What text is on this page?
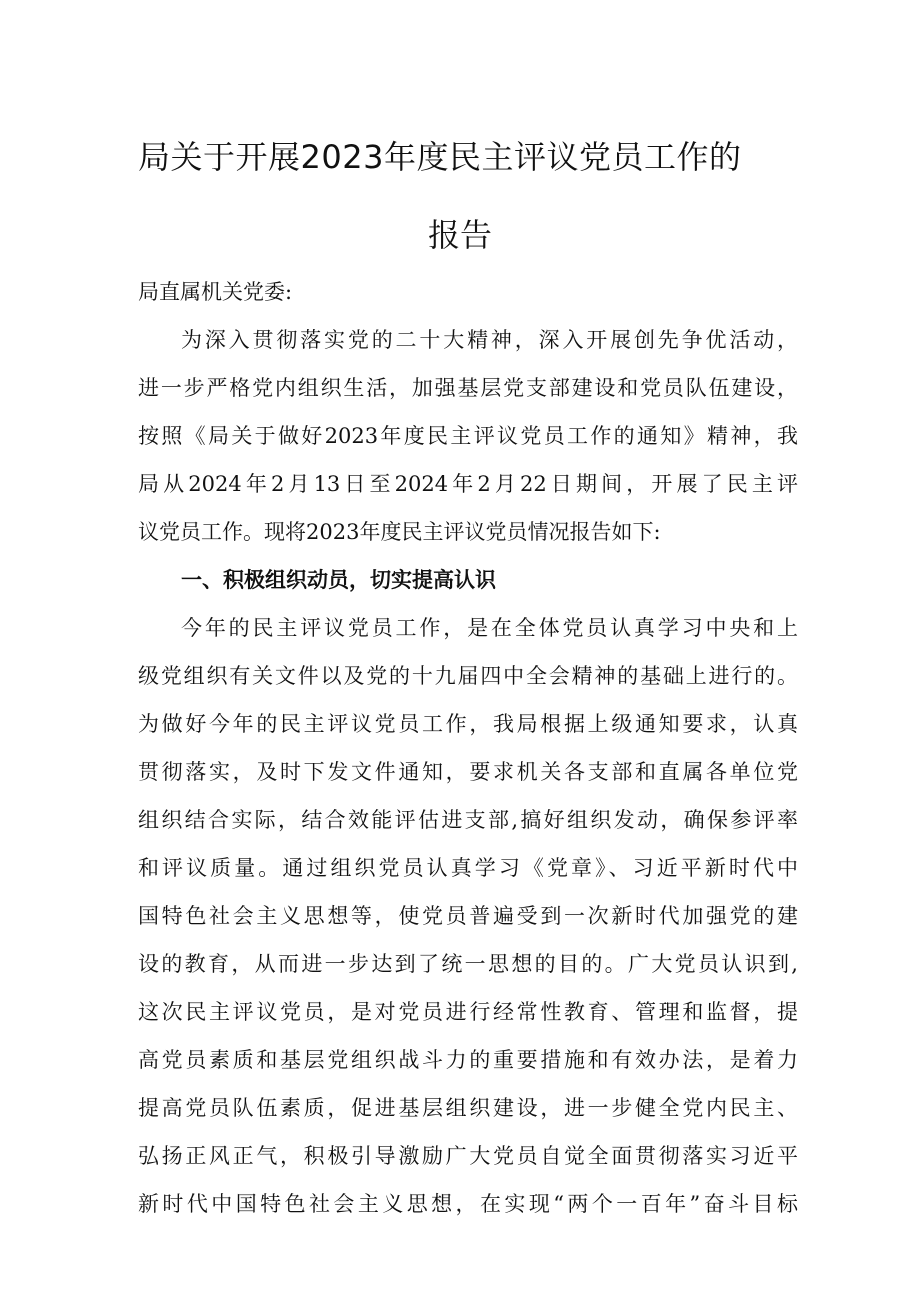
局关于开展2023年度民主评议党员工作的
报告
局直属机关党委:
为深入贯彻落实党的二十大精神，深入开展创先争优活动，
进一步严格党内组织生活，加强基层党支部建设和党员队伍建设，
按照《局关于做好2023年度民主评议党员工作的通知》精神，我
局从2024年2月13日至2024年2月22日期间，开展了民主评
议党员工作。现将2023年度民主评议党员情况报告如下:
一、积极组织动员，切实提高认识
今年的民主评议党员工作，是在全体党员认真学习中央和上
级党组织有关文件以及党的十九届四中全会精神的基础上进行的。
为做好今年的民主评议党员工作，我局根据上级通知要求，认真
贯彻落实，及时下发文件通知，要求机关各支部和直属各单位党
组织结合实际，结合效能评估进支部,搞好组织发动，确保参评率
和评议质量。通过组织党员认真学习《党章》、习近平新时代中
国特色社会主义思想等，使党员普遍受到一次新时代加强党的建
设的教育，从而进一步达到了统一思想的目的。广大党员认识到,
这次民主评议党员，是对党员进行经常性教育、管理和监督，提
高党员素质和基层党组织战斗力的重要措施和有效办法，是着力
提高党员队伍素质，促进基层组织建设，进一步健全党内民主、
弘扬正风正气，积极引导激励广大党员自觉全面贯彻落实习近平
新时代中国特色社会主义思想，在实现“两个一百年”奋斗目标
